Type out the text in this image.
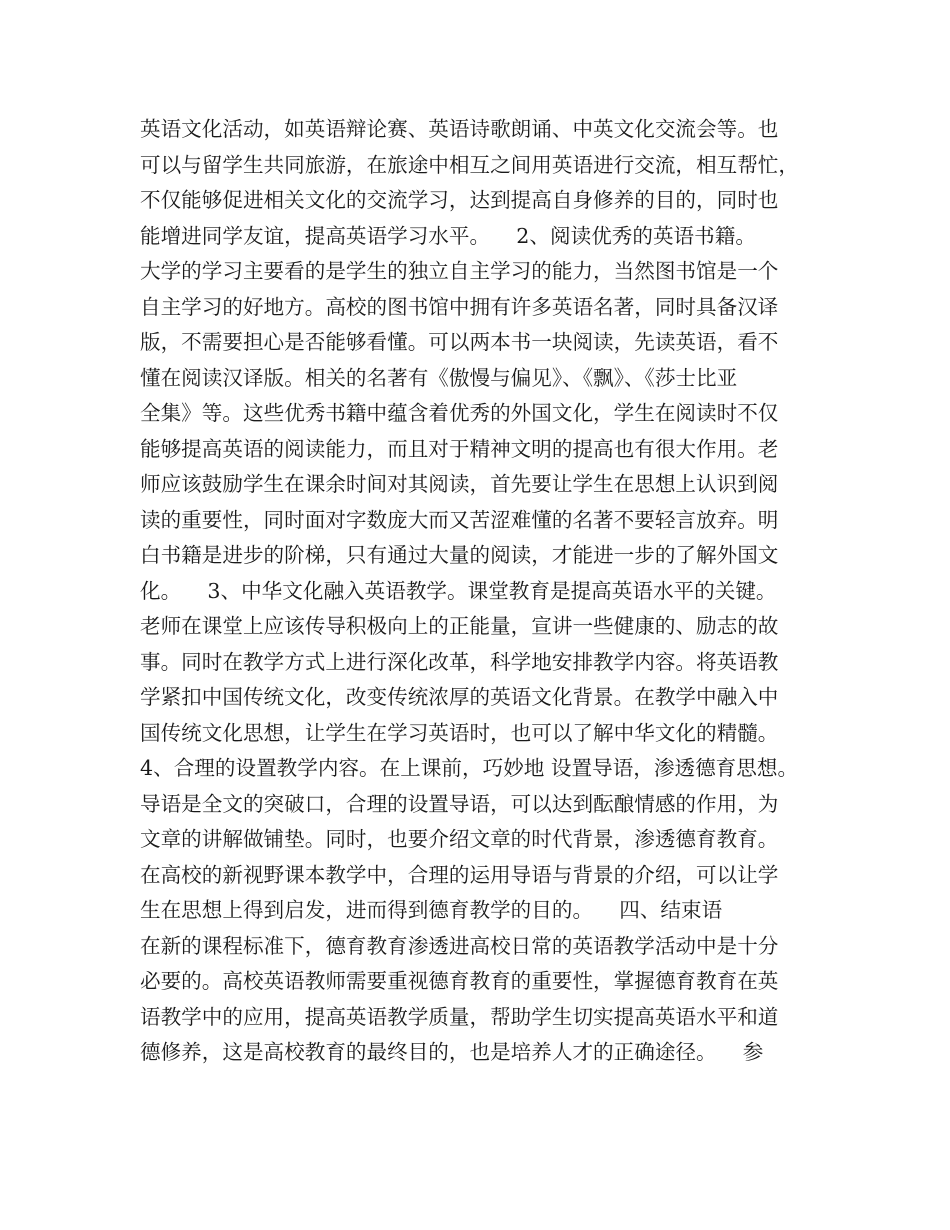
英语文化活动，如英语辩论赛、英语诗歌朗诵、中英文化交流会等。也
可以与留学生共同旅游，在旅途中相互之间用英语进行交流，相互帮忙，
不仅能够促进相关文化的交流学习，达到提高自身修养的目的，同时也
能增进同学友谊，提高英语学习水平。    2、阅读优秀的英语书籍。
大学的学习主要看的是学生的独立自主学习的能力，当然图书馆是一个
自主学习的好地方。高校的图书馆中拥有许多英语名著，同时具备汉译
版，不需要担心是否能够看懂。可以两本书一块阅读，先读英语，看不
懂在阅读汉译版。相关的名著有《傲慢与偏见》、《飘》、《莎士比亚
全集》等。这些优秀书籍中蕴含着优秀的外国文化，学生在阅读时不仅
能够提高英语的阅读能力，而且对于精神文明的提高也有很大作用。老
师应该鼓励学生在课余时间对其阅读，首先要让学生在思想上认识到阅
读的重要性，同时面对字数庞大而又苦涩难懂的名著不要轻言放弃。明
白书籍是进步的阶梯，只有通过大量的阅读，才能进一步的了解外国文
化。    3、中华文化融入英语教学。课堂教育是提高英语水平的关键。
老师在课堂上应该传导积极向上的正能量，宣讲一些健康的、励志的故
事。同时在教学方式上进行深化改革，科学地安排教学内容。将英语教
学紧扣中国传统文化，改变传统浓厚的英语文化背景。在教学中融入中
国传统文化思想，让学生在学习英语时，也可以了解中华文化的精髓。
4、合理的设置教学内容。在上课前，巧妙地 设置导语，渗透德育思想。
导语是全文的突破口，合理的设置导语，可以达到酝酿情感的作用，为
文章的讲解做铺垫。同时，也要介绍文章的时代背景，渗透德育教育。
在高校的新视野课本教学中，合理的运用导语与背景的介绍，可以让学
生在思想上得到启发，进而得到德育教学的目的。    四、结束语
在新的课程标准下，德育教育渗透进高校日常的英语教学活动中是十分
必要的。高校英语教师需要重视德育教育的重要性，掌握德育教育在英
语教学中的应用，提高英语教学质量，帮助学生切实提高英语水平和道
德修养，这是高校教育的最终目的，也是培养人才的正确途径。    参
